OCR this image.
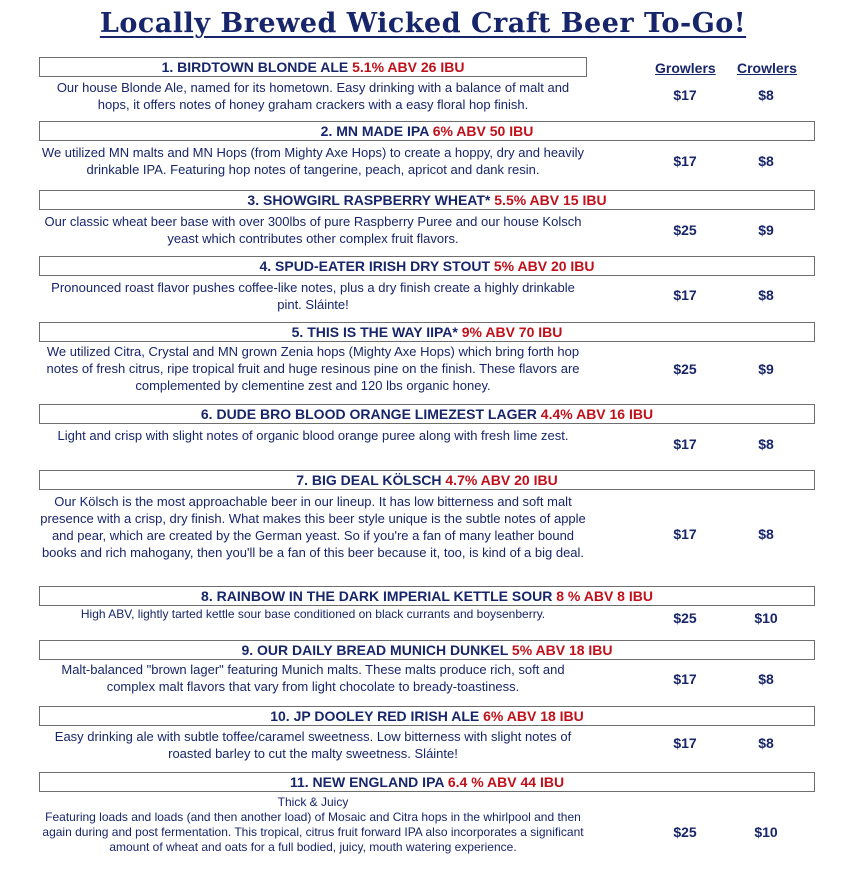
Locally Brewed Wicked Craft Beer To-Go!
Growlers Crowlers
1. BIRDTOWN BLONDE ALE 5.1% ABV 26 IBU
Our house Blonde Ale, named for its hometown. Easy drinking with a balance of malt and hops, it offers notes of honey graham crackers with a easy floral hop finish.
$17	$8
2. MN MADE IPA 6% ABV 50 IBU
We utilized MN malts and MN Hops (from Mighty Axe Hops) to create a hoppy, dry and heavily drinkable IPA. Featuring hop notes of tangerine, peach, apricot and dank resin.
$17	$8
3. SHOWGIRL RASPBERRY WHEAT* 5.5% ABV 15 IBU
Our classic wheat beer base with over 300lbs of pure Raspberry Puree and our house Kolsch yeast which contributes other complex fruit flavors.
$25	$9
4. SPUD-EATER IRISH DRY STOUT 5% ABV 20 IBU
Pronounced roast flavor pushes coffee-like notes, plus a dry finish create a highly drinkable pint. Sláinte!
$17	$8
5. THIS IS THE WAY IIPA* 9% ABV 70 IBU
We utilized Citra, Crystal and MN grown Zenia hops (Mighty Axe Hops) which bring forth hop notes of fresh citrus, ripe tropical fruit and huge resinous pine on the finish. These flavors are complemented by clementine zest and 120 lbs organic honey.
$25	$9
6. DUDE BRO BLOOD ORANGE LIMEZEST LAGER 4.4% ABV 16 IBU
Light and crisp with slight notes of organic blood orange puree along with fresh lime zest.
$17	$8
7. BIG DEAL KÖLSCH 4.7% ABV 20 IBU
Our Kölsch is the most approachable beer in our lineup. It has low bitterness and soft malt presence with a crisp, dry finish. What makes this beer style unique is the subtle notes of apple and pear, which are created by the German yeast. So if you're a fan of many leather bound books and rich mahogany, then you'll be a fan of this beer because it, too, is kind of a big deal.
$17	$8
8. RAINBOW IN THE DARK IMPERIAL KETTLE SOUR 8 % ABV 8 IBU
High ABV, lightly tarted kettle sour base conditioned on black currants and boysenberry.	$25	$10
9. OUR DAILY BREAD MUNICH DUNKEL 5% ABV 18 IBU
Malt-balanced "brown lager" featuring Munich malts. These malts produce rich, soft and complex malt flavors that vary from light chocolate to bready-toastiness.	$17	$8
10. JP DOOLEY RED IRISH ALE 6% ABV 18 IBU
Easy drinking ale with subtle toffee/caramel sweetness. Low bitterness with slight notes of roasted barley to cut the malty sweetness. Sláinte!
$17	$8
11. NEW ENGLAND IPA 6.4 % ABV 44 IBU
Thick & Juicy
Featuring loads and loads (and then another load) of Mosaic and Citra hops in the whirlpool and then again during and post fermentation. This tropical, citrus fruit forward IPA also incorporates a significant amount of wheat and oats for a full bodied, juicy, mouth watering experience.
$25	$10
